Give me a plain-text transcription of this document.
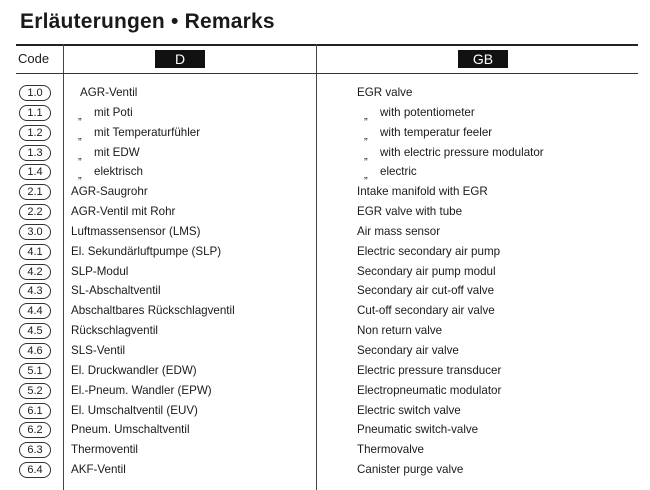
Erläuterungen • Remarks
Code	D	GB
1.0	AGR-Ventil	EGR valve
1.1	„ mit Poti	„ with potentiometer
1.2	„ mit Temperaturfühler	„ with temperatur feeler
1.3	„ mit EDW	„ with electric pressure modulator
1.4	„ elektrisch	„ electric
2.1	AGR-Saugrohr	Intake manifold with EGR
2.2	AGR-Ventil mit Rohr	EGR valve with tube
3.0	Luftmassensensor (LMS)	Air mass sensor
4.1	El. Sekundärluftpumpe (SLP)	Electric secondary air pump
4.2	SLP-Modul	Secondary air pump modul
4.3	SL-Abschaltventil	Secondary air cut-off valve
4.4	Abschaltbares Rückschlagventil	Cut-off secondary air valve
4.5	Rückschlagventil	Non return valve
4.6	SLS-Ventil	Secondary air valve
5.1	El. Druckwandler (EDW)	Electric pressure transducer
5.2	El.-Pneum. Wandler (EPW)	Electropneumatic modulator
6.1	El. Umschaltventil (EUV)	Electric switch valve
6.2	Pneum. Umschaltventil	Pneumatic switch-valve
6.3	Thermoventil	Thermovalve
6.4	AKF-Ventil	Canister purge valve
